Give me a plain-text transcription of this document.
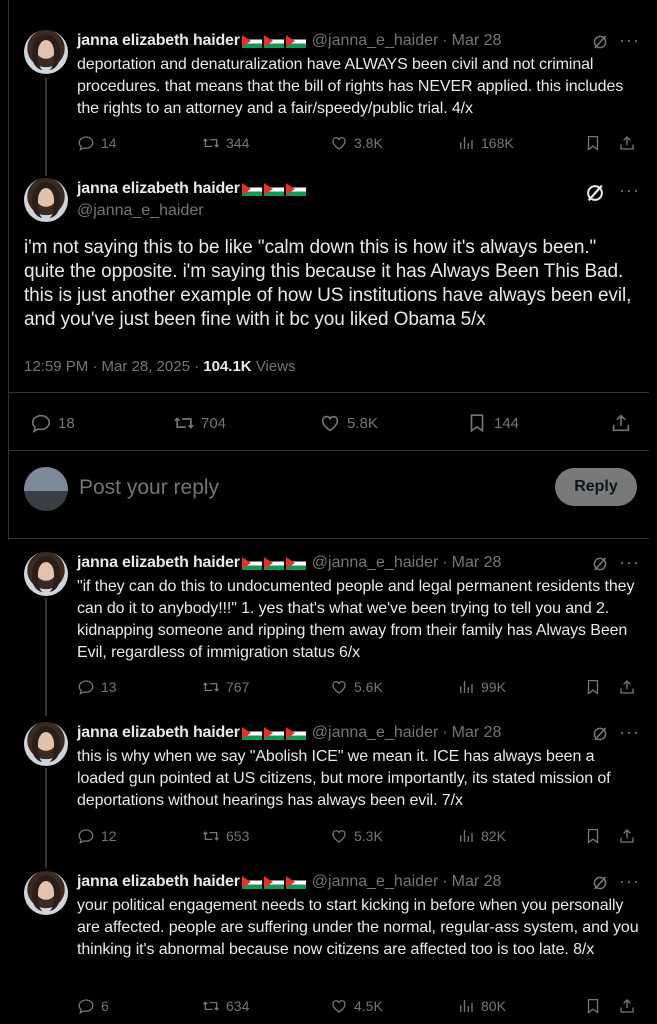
janna elizabeth haider	@janna_e_haider · Mar 28	···
deportation and denaturalization have ALWAYS been civil and not criminal procedures. that means that the bill of rights has NEVER applied. this includes the rights to an attorney and a fair/speedy/public trial. 4/x
14	344	3.8K	168K
janna elizabeth haider
@janna_e_haider
···
i'm not saying this to be like "calm down this is how it's always been." quite the opposite. i'm saying this because it has Always Been This Bad. this is just another example of how US institutions have always been evil, and you've just been fine with it bc you liked Obama 5/x
12:59 PM · Mar 28, 2025 · 104.1K Views
18	704	5.8K	144
Post your reply
Reply
janna elizabeth haider	@janna_e_haider · Mar 28	···
"if they can do this to undocumented people and legal permanent residents they can do it to anybody!!!" 1. yes that's what we've been trying to tell you and 2. kidnapping someone and ripping them away from their family has Always Been Evil, regardless of immigration status 6/x
13	767	5.6K	99K
janna elizabeth haider	@janna_e_haider · Mar 28	···
this is why when we say "Abolish ICE" we mean it. ICE has always been a loaded gun pointed at US citizens, but more importantly, its stated mission of deportations without hearings has always been evil. 7/x
12	653	5.3K	82K
janna elizabeth haider	@janna_e_haider · Mar 28	···
your political engagement needs to start kicking in before when you personally are affected. people are suffering under the normal, regular-ass system, and you thinking it's abnormal because now citizens are affected too is too late. 8/x
6	634	4.5K	80K
